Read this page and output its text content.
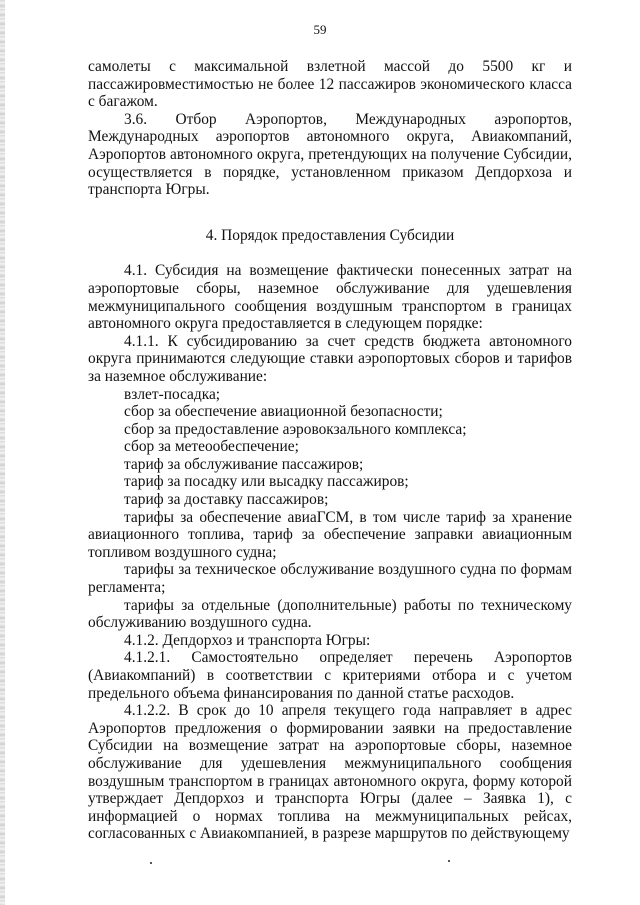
59

самолеты с максимальной взлетной массой до 5500 кг и пассажировместимостью не более 12 пассажиров экономического класса с багажом.

3.6. Отбор Аэропортов, Международных аэропортов, Международных аэропортов автономного округа, Авиакомпаний, Аэропортов автономного округа, претендующих на получение Субсидии, осуществляется в порядке, установленном приказом Депдорхоза и транспорта Югры.

4. Порядок предоставления Субсидии

4.1. Субсидия на возмещение фактически понесенных затрат на аэропортовые сборы, наземное обслуживание для удешевления межмуниципального сообщения воздушным транспортом в границах автономного округа предоставляется в следующем порядке:

4.1.1. К субсидированию за счет средств бюджета автономного округа принимаются следующие ставки аэропортовых сборов и тарифов за наземное обслуживание:

взлет-посадка;

сбор за обеспечение авиационной безопасности;

сбор за предоставление аэровокзального комплекса;

сбор за метеообеспечение;

тариф за обслуживание пассажиров;

тариф за посадку или высадку пассажиров;

тариф за доставку пассажиров;

тарифы за обеспечение авиаГСМ, в том числе тариф за хранение авиационного топлива, тариф за обеспечение заправки авиационным топливом воздушного судна;

тарифы за техническое обслуживание воздушного судна по формам регламента;

тарифы за отдельные (дополнительные) работы по техническому обслуживанию воздушного судна.

4.1.2. Депдорхоз и транспорта Югры:

4.1.2.1. Самостоятельно определяет перечень Аэропортов (Авиакомпаний) в соответствии с критериями отбора и с учетом предельного объема финансирования по данной статье расходов.

4.1.2.2. В срок до 10 апреля текущего года направляет в адрес Аэропортов предложения о формировании заявки на предоставление Субсидии на возмещение затрат на аэропортовые сборы, наземное обслуживание для удешевления межмуниципального сообщения воздушным транспортом в границах автономного округа, форму которой утверждает Депдорхоз и транспорта Югры (далее – Заявка 1), с информацией о нормах топлива на межмуниципальных рейсах, согласованных с Авиакомпанией, в разрезе маршрутов по действующему
